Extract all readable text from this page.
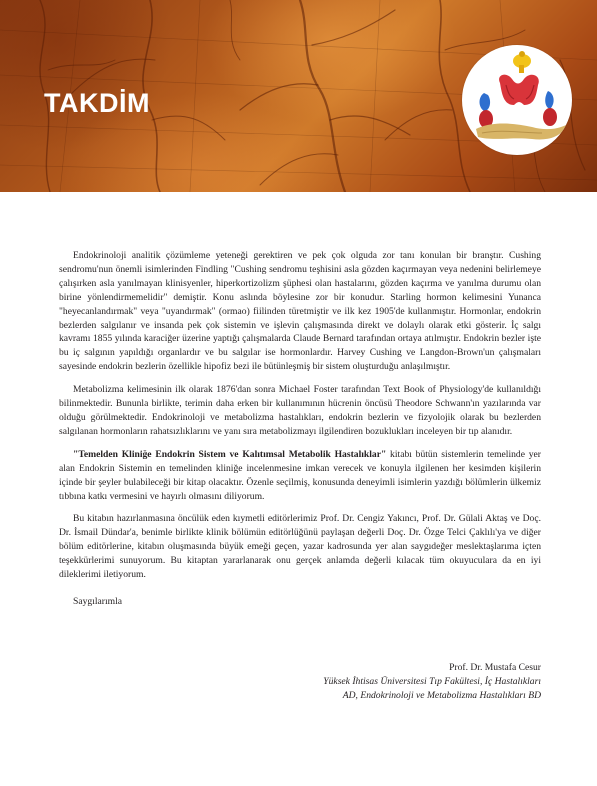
TAKDİM

Endokrinoloji analitik çözümleme yeteneği gerektiren ve pek çok olguda zor tanı konulan bir branştır. Cushing sendromu'nun önemli isimlerinden Findling "Cushing sendromu teşhisini asla gözden kaçırmayan veya nedenini belirlemeye çalışırken asla yanılmayan klinisyenler, hiperkortizolizm şüphesi olan hastalarını, gözden kaçırma ve yanılma durumu olan birine yönlendirmemelidir" demiştir. Konu aslında böylesine zor bir konudur. Starling hormon kelimesini Yunanca "heyecanlandırmak" veya "uyandırmak" (ormao) fiilinden türetmiştir ve ilk kez 1905'de kullanmıştır. Hormonlar, endokrin bezlerden salgılanır ve insanda pek çok sistemin ve işlevin çalışmasında direkt ve dolaylı olarak etki gösterir. İç salgı kavramı 1855 yılında karaciğer üzerine yaptığı çalışmalarda Claude Bernard tarafından ortaya atılmıştır. Endokrin bezler işte bu iç salgının yapıldığı organlardır ve bu salgılar ise hormonlardır. Harvey Cushing ve Langdon-Brown'un çalışmaları sayesinde endokrin bezlerin özellikle hipofiz bezi ile bütünleşmiş bir sistem oluşturduğu anlaşılmıştır.

Metabolizma kelimesinin ilk olarak 1876'dan sonra Michael Foster tarafından Text Book of Physiology'de kullanıldığı bilinmektedir. Bununla birlikte, terimin daha erken bir kullanımının hücrenin öncüsü Theodore Schwann'ın yazılarında var olduğu görülmektedir. Endokrinoloji ve metabolizma hastalıkları, endokrin bezlerin ve fizyolojik olarak bu bezlerden salgılanan hormonların rahatsızlıklarını ve yanı sıra metabolizmayı ilgilendiren bozuklukları inceleyen bir tıp alanıdır.

"Temelden Kliniğe Endokrin Sistem ve Kalıtımsal Metabolik Hastalıklar" kitabı bütün sistemlerin temelinde yer alan Endokrin Sistemin en temelinden kliniğe incelenmesine imkan verecek ve konuyla ilgilenen her kesimden kişilerin içinde bir şeyler bulabileceği bir kitap olacaktır. Özenle seçilmiş, konusunda deneyimli isimlerin yazdığı bölümlerin ülkemiz tıbbına katkı vermesini ve hayırlı olmasını diliyorum.

Bu kitabın hazırlanmasına öncülük eden kıymetli editörlerimiz Prof. Dr. Cengiz Yakıncı, Prof. Dr. Gülali Aktaş ve Doç. Dr. İsmail Dündar'a, benimle birlikte klinik bölümün editörlüğünü paylaşan değerli Doç. Dr. Özge Telci Çaklılı'ya ve diğer bölüm editörlerine, kitabın oluşmasında büyük emeği geçen, yazar kadrosunda yer alan saygıdeğer meslektaşlarıma içten teşekkürlerimi sunuyorum. Bu kitaptan yararlanarak onu gerçek anlamda değerli kılacak tüm okuyuculara da en iyi dileklerimi iletiyorum.

Saygılarımla

Prof. Dr. Mustafa Cesur
Yüksek İhtisas Üniversitesi Tıp Fakültesi, İç Hastalıkları
AD, Endokrinoloji ve Metabolizma Hastalıkları BD
